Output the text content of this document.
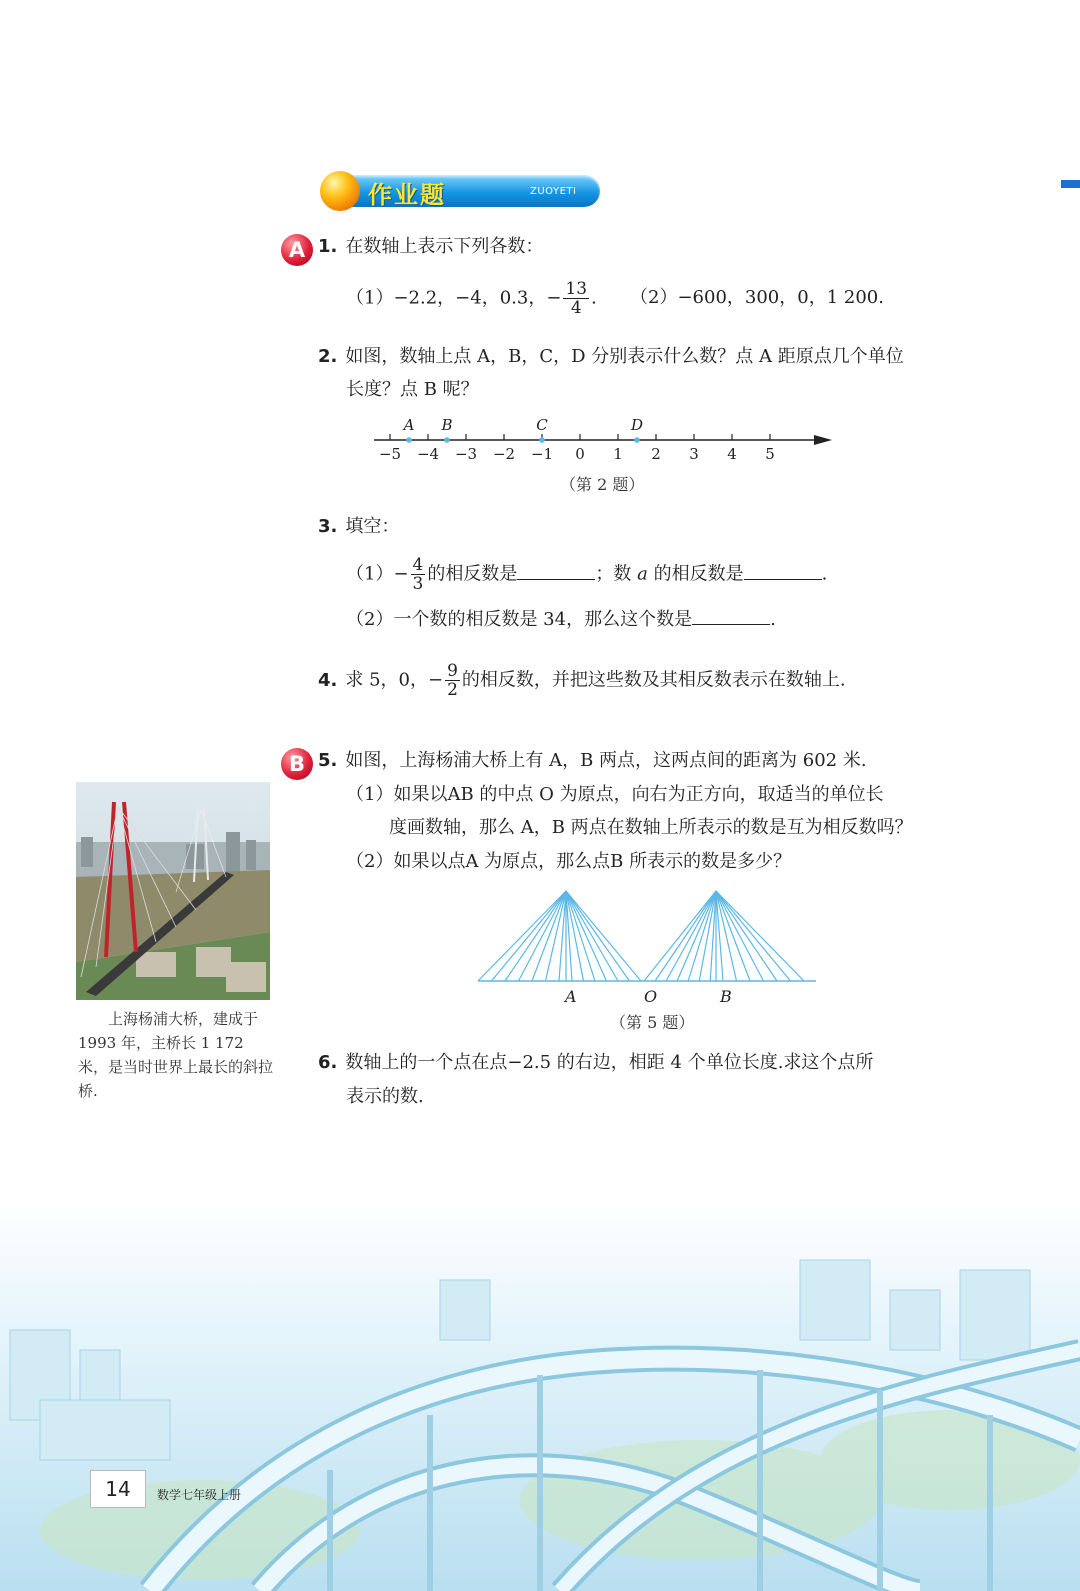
作业题	ZUOYETI
A 1. 在数轴上表示下列各数：
（1）−2.2，−4，0.3，− $\frac{13}{4}$ . （2）−600，300，0，1 200.
2. 如图，数轴上点 A，B，C，D 分别表示什么数？点 A 距原点几个单位
长度？点 B 呢？
−5 −4 −3 −2 −1 0 1 2 3 4 5
A B	C	D
（第 2 题）
3. 填空：
$(1)- \frac{4}{3}$ 的相反数是	；数 a 的相反数是	.
（2）一个数的相反数是 34，那么这个数是	.
4. 求 5，0，− $\frac{9}{2}$ 的相反数，并把这些数及其相反数表示在数轴上.
B 5. 如图，上海杨浦大桥上有 A，B 两点，这两点间的距离为 602 米.
（1）如果以AB 的中点 O 为原点，向右为正方向，取适当的单位长
度画数轴，那么 A，B 两点在数轴上所表示的数是互为相反数吗？
（2）如果以点A 为原点，那么点B 所表示的数是多少？
A	O	B
（第 5 题）
6. 数轴上的一个点在点−2.5 的右边，相距 4 个单位长度.求这个点所
表示的数.
　　上海杨浦大桥，建成于 1993 年，主桥长 1 172 米，是当时世界上最长的斜拉桥.
14	数学七年级上册
